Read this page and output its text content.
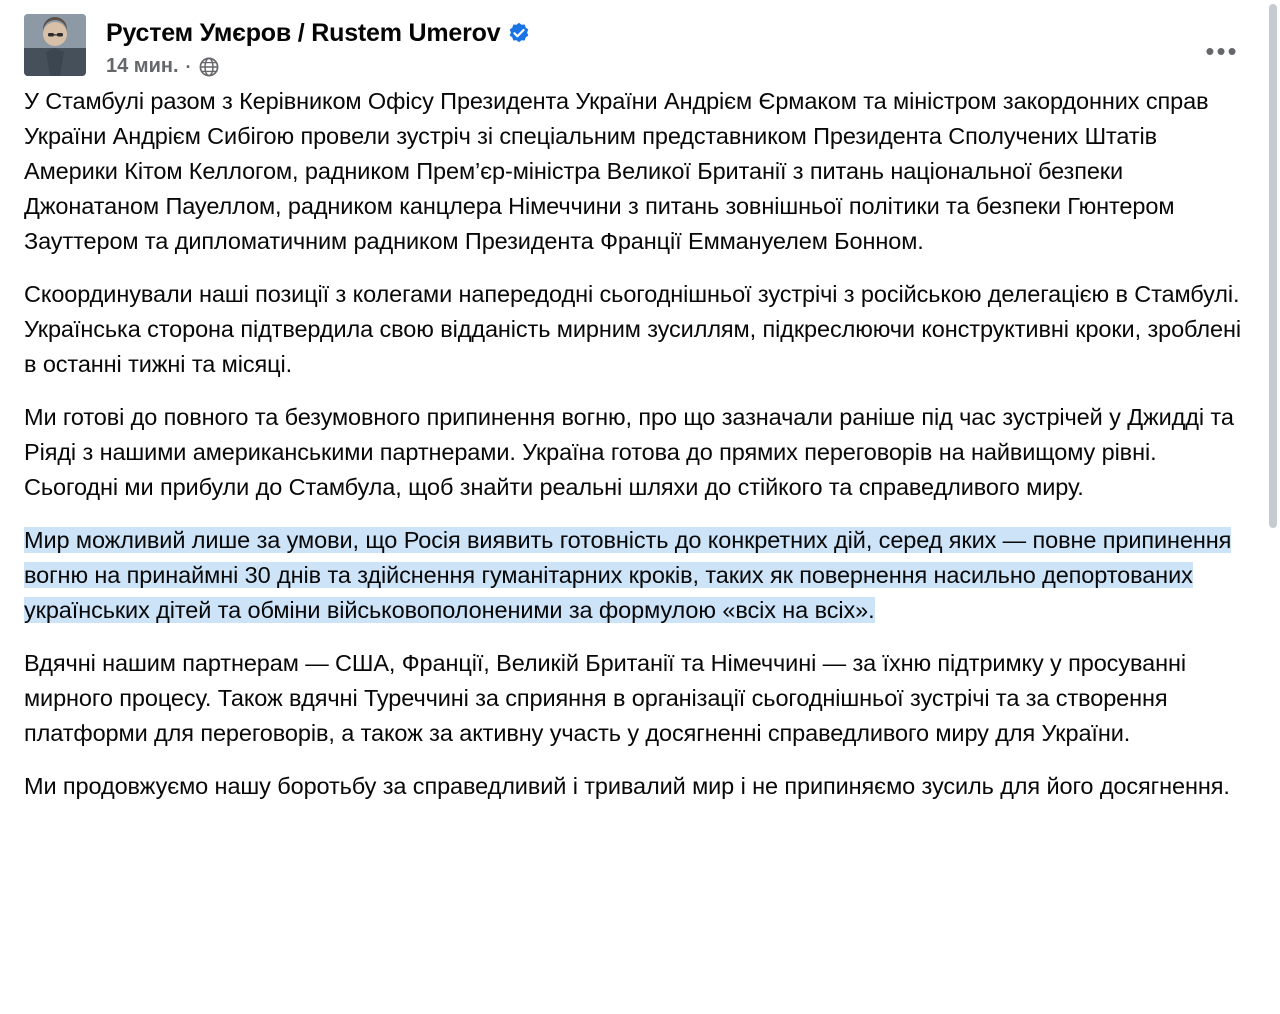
Рустем Умєров / Rustem Umerov
14 мин. ·
•••

У Стамбулі разом з Керівником Офісу Президента України Андрієм Єрмаком та міністром закордонних справ України Андрієм Сибігою провели зустріч зі спеціальним представником Президента Сполучених Штатів Америки Кітом Келлогом, радником Прем’єр-міністра Великої Британії з питань національної безпеки Джонатаном Пауеллом, радником канцлера Німеччини з питань зовнішньої політики та безпеки Гюнтером Зауттером та дипломатичним радником Президента Франції Еммануелем Бонном.

Скоординували наші позиції з колегами напередодні сьогоднішньої зустрічі з російською делегацією в Стамбулі. Українська сторона підтвердила свою відданість мирним зусиллям, підкреслюючи конструктивні кроки, зроблені в останні тижні та місяці.

Ми готові до повного та безумовного припинення вогню, про що зазначали раніше під час зустрічей у Джидді та Ріяді з нашими американськими партнерами. Україна готова до прямих переговорів на найвищому рівні. Сьогодні ми прибули до Стамбула, щоб знайти реальні шляхи до стійкого та справедливого миру.

Мир можливий лише за умови, що Росія виявить готовність до конкретних дій, серед яких — повне припинення вогню на принаймні 30 днів та здійснення гуманітарних кроків, таких як повернення насильно депортованих українських дітей та обміни військовополоненими за формулою «всіх на всіх».

Вдячні нашим партнерам — США, Франції, Великій Британії та Німеччині — за їхню підтримку у просуванні мирного процесу. Також вдячні Туреччині за сприяння в організації сьогоднішньої зустрічі та за створення платформи для переговорів, а також за активну участь у досягненні справедливого миру для України.

Ми продовжуємо нашу боротьбу за справедливий і тривалий мир і не припиняємо зусиль для його досягнення.
